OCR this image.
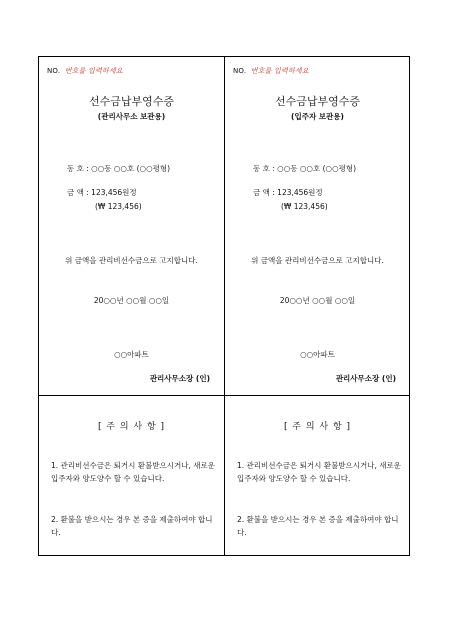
NO. 번호를 입력하세요
선수금납부영수증
(관리사무소 보관용)
동 호 : ○○동 ○○호 (○○평형)
금 액 : 123,456원정
(₩ 123,456)
위 금액을 관리비선수금으로 고지합니다.
20○○년 ○○월 ○○일
○○아파트
관리사무소장 (인)
[ 주 의 사 항 ]
1. 관리비선수금은 퇴거시 환불받으시거나, 새로운 입주자와 양도양수 할 수 있습니다.
2. 환불을 받으시는 경우 본 증을 제출하여야 합니다.
NO. 번호를 입력하세요
선수금납부영수증
(입주자 보관용)
동 호 : ○○동 ○○호 (○○평형)
금 액 : 123,456원정
(₩ 123,456)
위 금액을 관리비선수금으로 고지합니다.
20○○년 ○○월 ○○일
○○아파트
관리사무소장 (인)
[ 주 의 사 항 ]
1. 관리비선수금은 퇴거시 환불받으시거나, 새로운 입주자와 양도양수 할 수 있습니다.
2. 환불을 받으시는 경우 본 증을 제출하여야 합니다.
